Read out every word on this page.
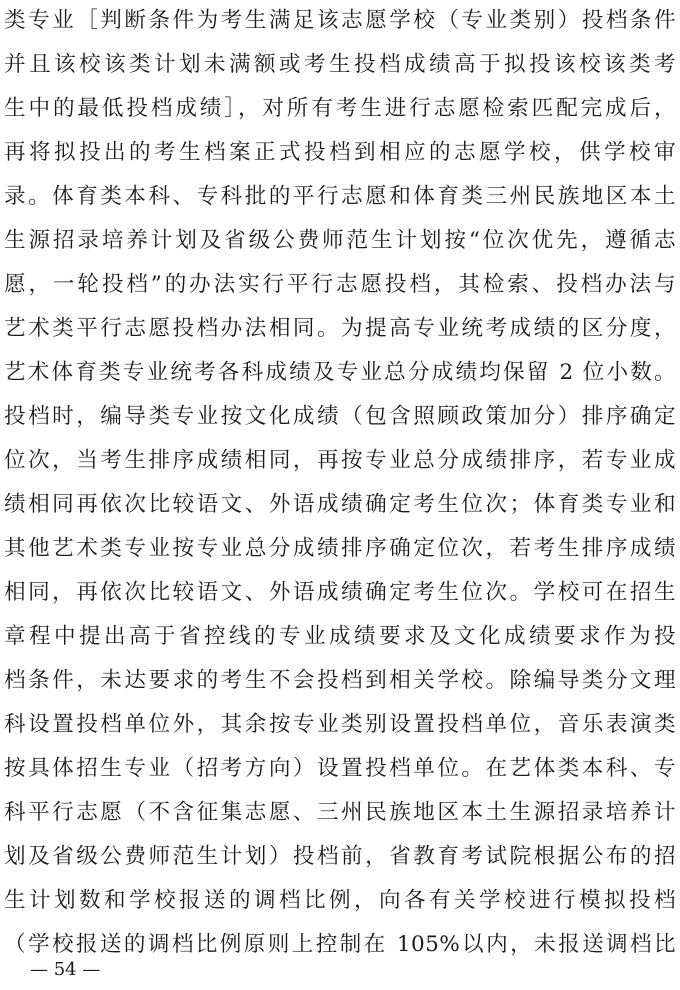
类专业［判断条件为考生满足该志愿学校（专业类别）投档条件
并且该校该类计划未满额或考生投档成绩高于拟投该校该类考
生中的最低投档成绩］，对所有考生进行志愿检索匹配完成后，
再将拟投出的考生档案正式投档到相应的志愿学校，供学校审
录。体育类本科、专科批的平行志愿和体育类三州民族地区本土
生源招录培养计划及省级公费师范生计划按“位次优先，遵循志
愿，一轮投档”的办法实行平行志愿投档，其检索、投档办法与
艺术类平行志愿投档办法相同。为提高专业统考成绩的区分度，
艺术体育类专业统考各科成绩及专业总分成绩均保留 2 位小数。
投档时，编导类专业按文化成绩（包含照顾政策加分）排序确定
位次，当考生排序成绩相同，再按专业总分成绩排序，若专业成
绩相同再依次比较语文、外语成绩确定考生位次；体育类专业和
其他艺术类专业按专业总分成绩排序确定位次，若考生排序成绩
相同，再依次比较语文、外语成绩确定考生位次。学校可在招生
章程中提出高于省控线的专业成绩要求及文化成绩要求作为投
档条件，未达要求的考生不会投档到相关学校。除编导类分文理
科设置投档单位外，其余按专业类别设置投档单位，音乐表演类
按具体招生专业（招考方向）设置投档单位。在艺体类本科、专
科平行志愿（不含征集志愿、三州民族地区本土生源招录培养计
划及省级公费师范生计划）投档前，省教育考试院根据公布的招
生计划数和学校报送的调档比例，向各有关学校进行模拟投档
（学校报送的调档比例原则上控制在 105%以内，未报送调档比
— 54 —
